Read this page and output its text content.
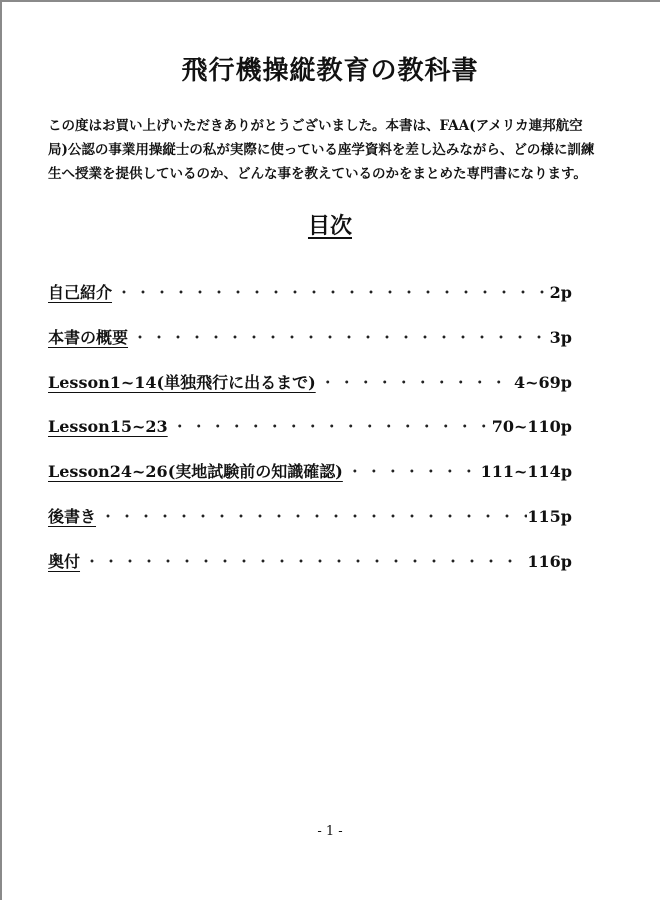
飛行機操縦教育の教科書

この度はお買い上げいただきありがとうございました。本書は、FAA(アメリカ連邦航空局)公認の事業用操縦士の私が実際に使っている座学資料を差し込みながら、どの様に訓練生へ授業を提供しているのか、どんな事を教えているのかをまとめた専門書になります。

目次
自己紹介 ・・・・・・・・・・・・・・・・・・・・・・・・・・・・・・・・・・・・・・・・	2p
本書の概要 ・・・・・・・・・・・・・・・・・・・・・・・・・・・・・・・・・・・・・・・・	3p
Lesson1~14(単独飛行に出るまで) ・・・・・・・・・・・・・・・・・・・・・・・・・・・・・・・・・・・・・・・・	4~69p
Lesson15~23 ・・・・・・・・・・・・・・・・・・・・・・・・・・・・・・・・・・・・・・・・	70~110p
Lesson24~26(実地試験前の知識確認) ・・・・・・・・・・・・・・・・・・・・・・・・・・・・・・・・・・・・・・・・	111~114p
後書き ・・・・・・・・・・・・・・・・・・・・・・・・・・・・・・・・・・・・・・・・	115p
奥付 ・・・・・・・・・・・・・・・・・・・・・・・・・・・・・・・・・・・・・・・・	116p

- 1 -
